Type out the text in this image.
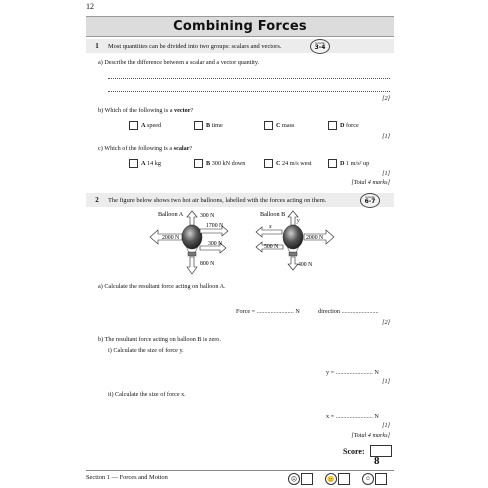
12
Combining Forces
1	Most quantities can be divided into two groups: scalars and vectors.	Grade
3-4
a) Describe the difference between a scalar and a vector quantity.
[2]
b) Which of the following is a vector?
A
speed	B
time	C
mass	D
force
[1]
c) Which of the following is a scalar?
A
14 kg	B
300 kN down	C
24 m/s west	D
1 m/s² up
[1]
[Total 4 marks]
2	The figure below shows two hot air balloons, labelled with the forces acting on them.	Grade
6-7
Balloon A	300 N
1700 N
2000 N
300 N
800 N
Balloon B
y
x
2000 N
500 N
400 N
a) Calculate the resultant force acting on balloon A.
Force = ........................ N	direction ........................
[2]
b) The resultant force acting on balloon B is zero.
i) Calculate the size of force y.
y = ........................ N
[1]
ii) Calculate the size of force x.
x = ........................ N
[1]
[Total 4 marks]
Score:
8
Section 1 — Forces and Motion	☹	😐	☺
